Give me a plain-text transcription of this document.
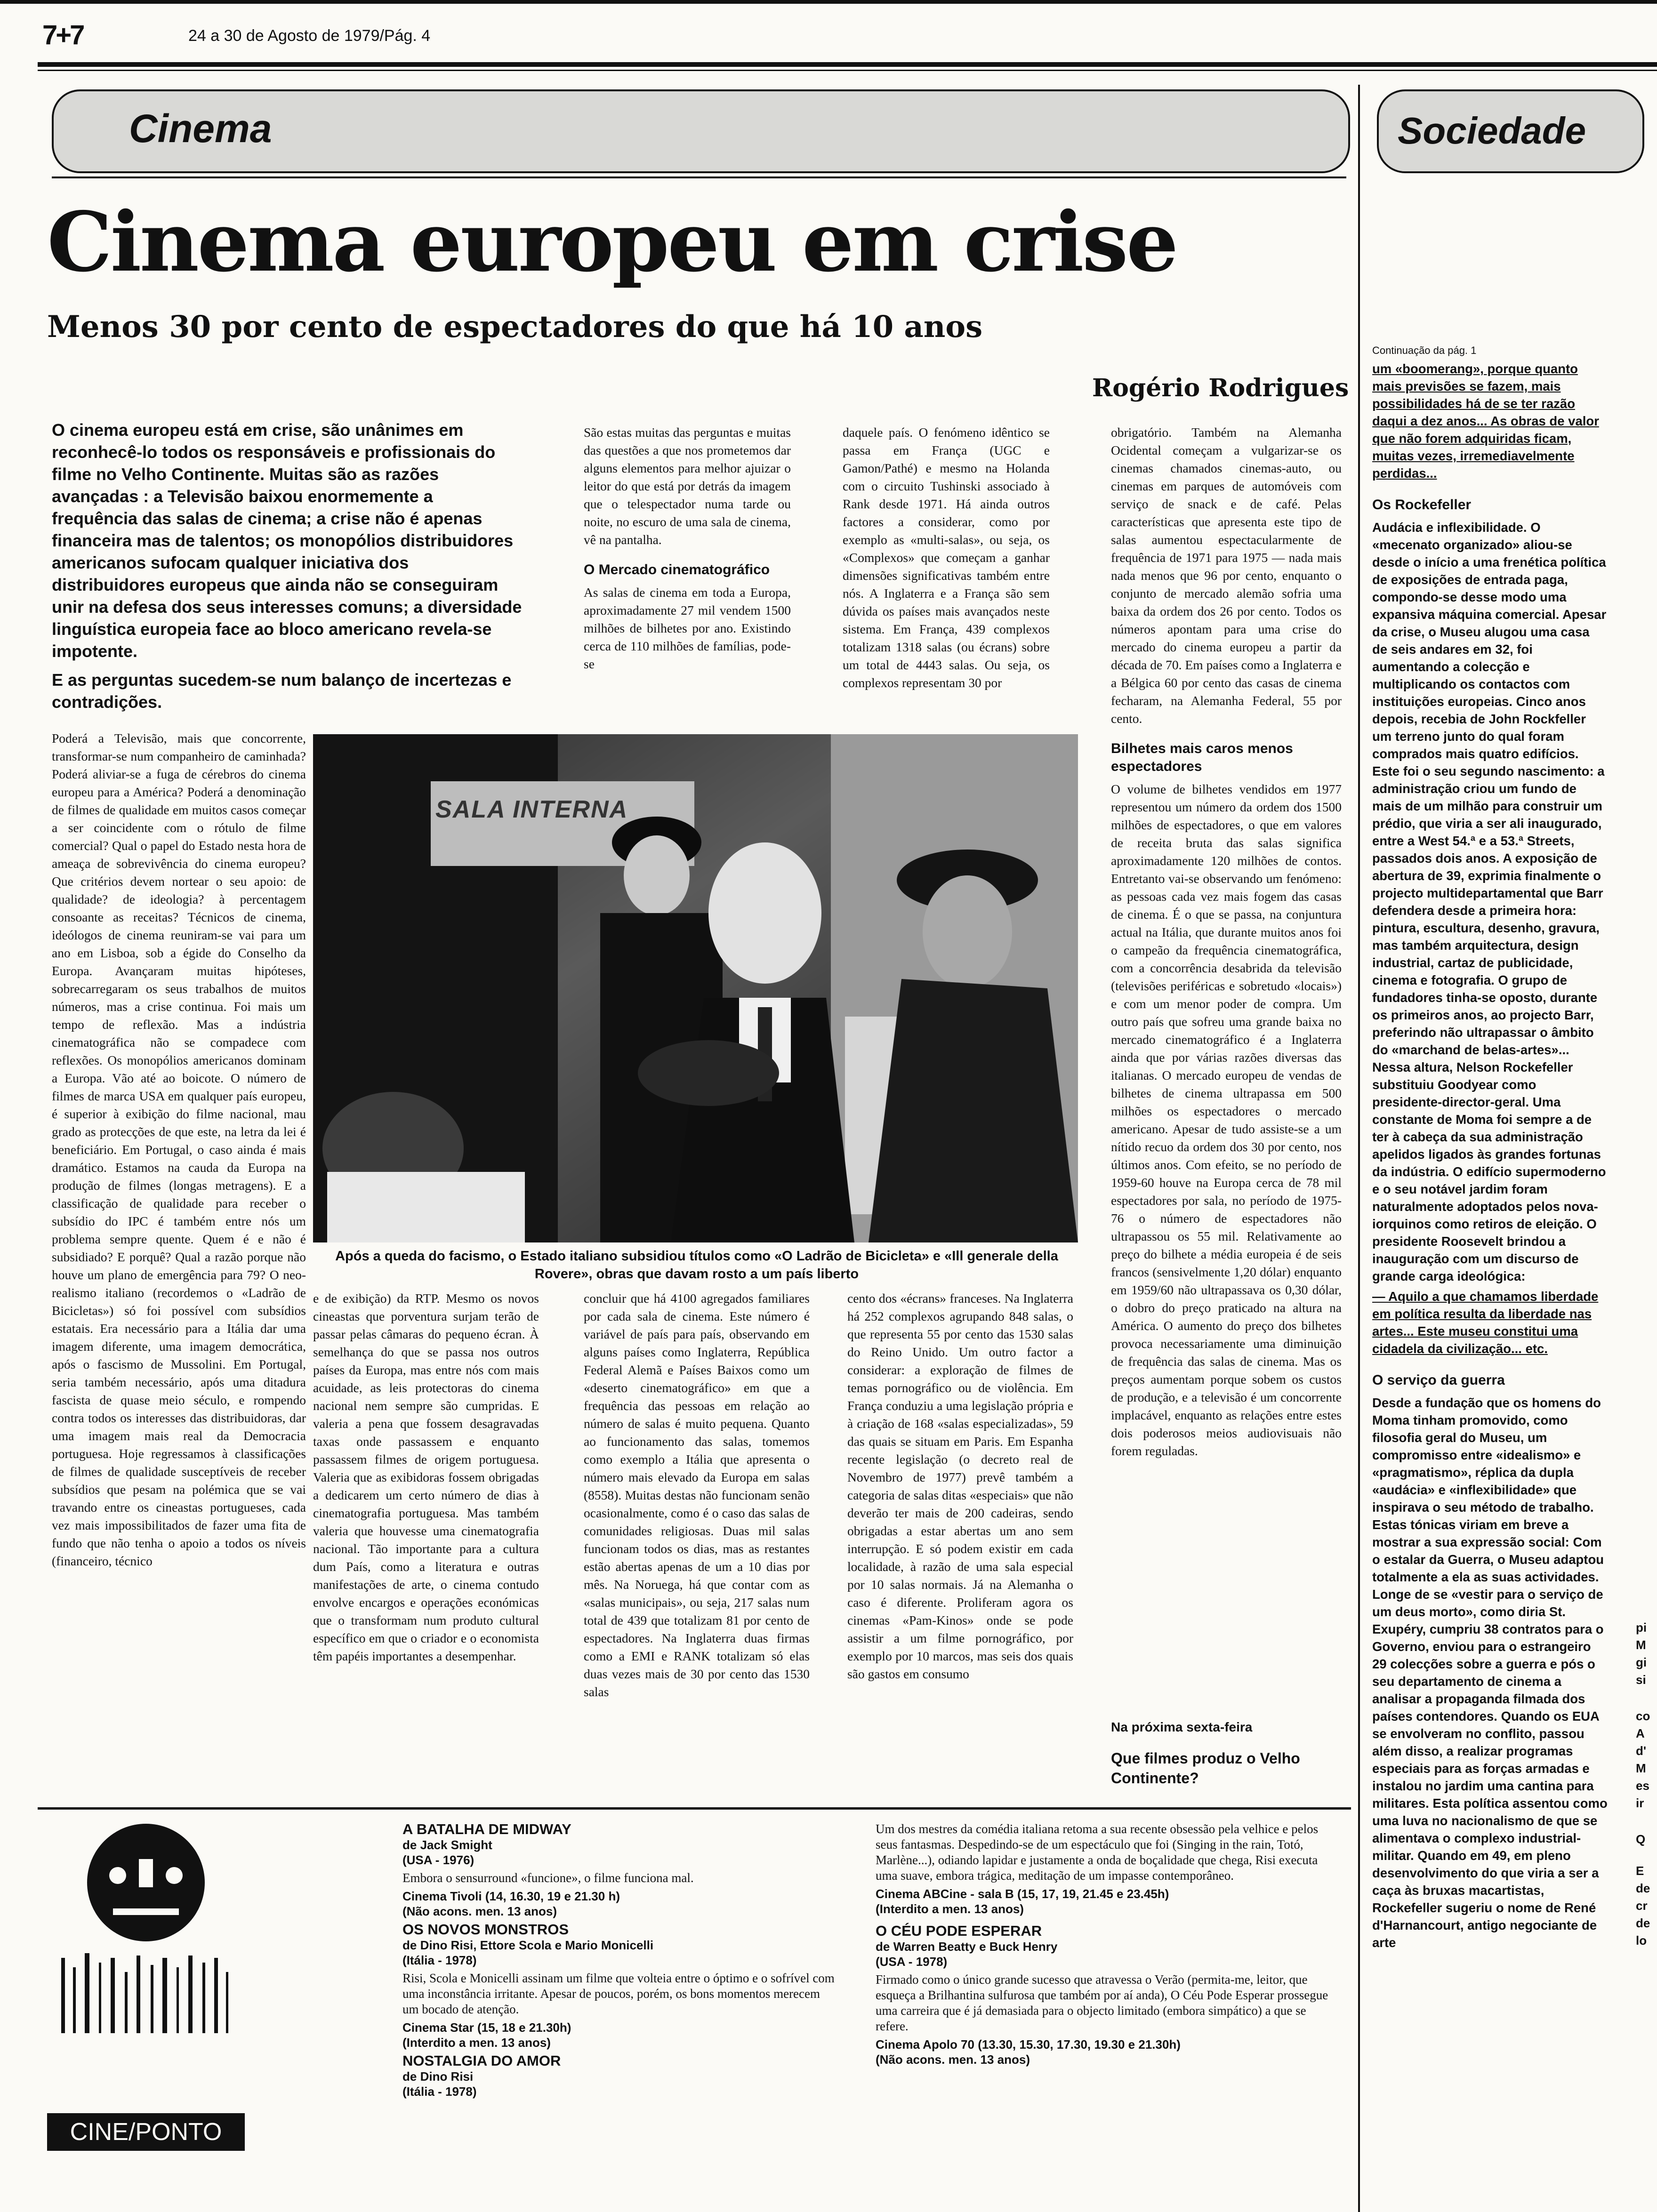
7+7	24 a 30 de Agosto de 1979/Pág. 4
Cinema	Sociedade
Cinema europeu em crise
Menos 30 por cento de espectadores do que há 10 anos
Rogério Rodrigues

O cinema europeu está em crise, são unânimes em reconhecê-lo todos os responsáveis e profissionais do filme no Velho Continente. Muitas são as razões avançadas : a Televisão baixou enormemente a frequência das salas de cinema; a crise não é apenas financeira mas de talentos; os monopólios distribuidores americanos sufocam qualquer iniciativa dos distribuidores europeus que ainda não se conseguiram unir na defesa dos seus interesses comuns; a diversidade linguística europeia face ao bloco americano revela-se impotente.

E as perguntas sucedem-se num balanço de incertezas e contradições.

Poderá a Televisão, mais que concorrente, transformar-se num companheiro de caminhada? Poderá aliviar-se a fuga de cérebros do cinema europeu para a América? Poderá a denominação de filmes de qualidade em muitos casos começar a ser coincidente com o rótulo de filme comercial? Qual o papel do Estado nesta hora de ameaça de sobrevivência do cinema europeu? Que critérios devem nortear o seu apoio: de qualidade? de ideologia? à percentagem consoante as receitas? Técnicos de cinema, ideólogos de cinema reuniram-se vai para um ano em Lisboa, sob a égide do Conselho da Europa. Avançaram muitas hipóteses, sobrecarregaram os seus trabalhos de muitos números, mas a crise continua. Foi mais um tempo de reflexão. Mas a indústria cinematográfica não se compadece com reflexões. Os monopólios americanos dominam a Europa. Vão até ao boicote. O número de filmes de marca USA em qualquer país europeu, é superior à exibição do filme nacional, mau grado as protecções de que este, na letra da lei é beneficiário. Em Portugal, o caso ainda é mais dramático. Estamos na cauda da Europa na produção de filmes (longas metragens). E a classificação de qualidade para receber o subsídio do IPC é também entre nós um problema sempre quente. Quem é e não é subsidiado? E porquê? Qual a razão porque não houve um plano de emergência para 79? O neo-realismo italiano (recordemos o «Ladrão de Bicicletas») só foi possível com subsídios estatais. Era necessário para a Itália dar uma imagem diferente, uma imagem democrática, após o fascismo de Mussolini. Em Portugal, seria também necessário, após uma ditadura fascista de quase meio século, e rompendo contra todos os interesses das distribuidoras, dar uma imagem mais real da Democracia portuguesa. Hoje regressamos à classificações de filmes de qualidade susceptíveis de receber subsídios que pesam na polémica que se vai travando entre os cineastas portugueses, cada vez mais impossibilitados de fazer uma fita de fundo que não tenha o apoio a todos os níveis (financeiro, técnico

São estas muitas das perguntas e muitas das questões a que nos prometemos dar alguns elementos para melhor ajuizar o leitor do que está por detrás da imagem que o telespectador numa tarde ou noite, no escuro de uma sala de cinema, vê na pantalha.

O Mercado cinematográfico

As salas de cinema em toda a Europa, aproximadamente 27 mil vendem 1500 milhões de bilhetes por ano. Existindo cerca de 110 milhões de famílias, pode-se

daquele país. O fenómeno idêntico se passa em França (UGC e Gamon/Pathé) e mesmo na Holanda com o circuito Tushinski associado à Rank desde 1971. Há ainda outros factores a considerar, como por exemplo as «multi-salas», ou seja, os «Complexos» que começam a ganhar dimensões significativas também entre nós. A Inglaterra e a França são sem dúvida os países mais avançados neste sistema. Em França, 439 complexos totalizam 1318 salas (ou écrans) sobre um total de 4443 salas. Ou seja, os complexos representam 30 por

obrigatório. Também na Alemanha Ocidental começam a vulgarizar-se os cinemas chamados cinemas-auto, ou cinemas em parques de automóveis com serviço de snack e de café. Pelas características que apresenta este tipo de salas aumentou espectacularmente de frequência de 1971 para 1975 — nada mais nada menos que 96 por cento, enquanto o conjunto de mercado alemão sofria uma baixa da ordem dos 26 por cento. Todos os números apontam para uma crise do mercado do cinema europeu a partir da década de 70. Em países como a Inglaterra e a Bélgica 60 por cento das casas de cinema fecharam, na Alemanha Federal, 55 por cento.

Bilhetes mais caros menos espectadores

O volume de bilhetes vendidos em 1977 representou um número da ordem dos 1500 milhões de espectadores, o que em valores de receita bruta das salas significa aproximadamente 120 milhões de contos. Entretanto vai-se observando um fenómeno: as pessoas cada vez mais fogem das casas de cinema. É o que se passa, na conjuntura actual na Itália, que durante muitos anos foi o campeão da frequência cinematográfica, com a concorrência desabrida da televisão (televisões periféricas e sobretudo «locais») e com um menor poder de compra. Um outro país que sofreu uma grande baixa no mercado cinematográfico é a Inglaterra ainda que por várias razões diversas das italianas. O mercado europeu de vendas de bilhetes de cinema ultrapassa em 500 milhões os espectadores o mercado americano. Apesar de tudo assiste-se a um nítido recuo da ordem dos 30 por cento, nos últimos anos. Com efeito, se no período de 1959-60 houve na Europa cerca de 78 mil espectadores por sala, no período de 1975-76 o número de espectadores não ultrapassou os 55 mil. Relativamente ao preço do bilhete a média europeia é de seis francos (sensivelmente 1,20 dólar) enquanto em 1959/60 não ultrapassava os 0,30 dólar, o dobro do preço praticado na altura na América. O aumento do preço dos bilhetes provoca necessariamente uma diminuição de frequência das salas de cinema. Mas os preços aumentam porque sobem os custos de produção, e a televisão é um concorrente implacável, enquanto as relações entre estes dois poderosos meios audiovisuais não forem reguladas.

Na próxima sexta-feira
Que filmes produz o Velho Continente?
SALA INTERNA
Após a queda do facismo, o Estado italiano subsidiou títulos como «O Ladrão de Bicicleta» e «Ill generale della Rovere», obras que davam rosto a um país liberto

e de exibição) da RTP. Mesmo os novos cineastas que porventura surjam terão de passar pelas câmaras do pequeno écran. À semelhança do que se passa nos outros países da Europa, mas entre nós com mais acuidade, as leis protectoras do cinema nacional nem sempre são cumpridas. E valeria a pena que fossem desagravadas taxas onde passassem e enquanto passassem filmes de origem portuguesa. Valeria que as exibidoras fossem obrigadas a dedicarem um certo número de dias à cinematografia portuguesa. Mas também valeria que houvesse uma cinematografia nacional. Tão importante para a cultura dum País, como a literatura e outras manifestações de arte, o cinema contudo envolve encargos e operações económicas que o transformam num produto cultural específico em que o criador e o economista têm papéis importantes a desempenhar.

concluir que há 4100 agregados familiares por cada sala de cinema. Este número é variável de país para país, observando em alguns países como Inglaterra, República Federal Alemã e Países Baixos como um «deserto cinematográfico» em que a frequência das pessoas em relação ao número de salas é muito pequena. Quanto ao funcionamento das salas, tomemos como exemplo a Itália que apresenta o número mais elevado da Europa em salas (8558). Muitas destas não funcionam senão ocasionalmente, como é o caso das salas de comunidades religiosas. Duas mil salas funcionam todos os dias, mas as restantes estão abertas apenas de um a 10 dias por mês. Na Noruega, há que contar com as «salas municipais», ou seja, 217 salas num total de 439 que totalizam 81 por cento de espectadores. Na Inglaterra duas firmas como a EMI e RANK totalizam só elas duas vezes mais de 30 por cento das 1530 salas

cento dos «écrans» franceses. Na Inglaterra há 252 complexos agrupando 848 salas, o que representa 55 por cento das 1530 salas do Reino Unido. Um outro factor a considerar: a exploração de filmes de temas pornográfico ou de violência. Em França conduziu a uma legislação própria e à criação de 168 «salas especializadas», 59 das quais se situam em Paris. Em Espanha recente legislação (o decreto real de Novembro de 1977) prevê também a categoria de salas ditas «especiais» que não deverão ter mais de 200 cadeiras, sendo obrigadas a estar abertas um ano sem interrupção. E só podem existir em cada localidade, à razão de uma sala especial por 10 salas normais. Já na Alemanha o caso é diferente. Proliferam agora os cinemas «Pam-Kinos» onde se pode assistir a um filme pornográfico, por exemplo por 10 marcos, mas seis dos quais são gastos em consumo

CINE/PONTO
A BATALHA DE MIDWAY
de Jack Smight
(USA - 1976)
Embora o sensurround «funcione», o filme funciona mal.
Cinema Tivoli (14, 16.30, 19 e 21.30 h)
(Não acons. men. 13 anos)
OS NOVOS MONSTROS
de Dino Risi, Ettore Scola e Mario Monicelli
(Itália - 1978)
Risi, Scola e Monicelli assinam um filme que volteia entre o óptimo e o sofrível com uma inconstância irritante. Apesar de poucos, porém, os bons momentos merecem um bocado de atenção.
Cinema Star (15, 18 e 21.30h)
(Interdito a men. 13 anos)
NOSTALGIA DO AMOR
de Dino Risi
(Itália - 1978)
Um dos mestres da comédia italiana retoma a sua recente obsessão pela velhice e pelos seus fantasmas. Despedindo-se de um espectáculo que foi (Singing in the rain, Totó, Marlène...), odiando lapidar e justamente a onda de boçalidade que chega, Risi executa uma suave, embora trágica, meditação de um impasse contemporâneo.
Cinema ABCine - sala B (15, 17, 19, 21.45 e 23.45h)
(Interdito a men. 13 anos)
O CÉU PODE ESPERAR
de Warren Beatty e Buck Henry
(USA - 1978)
Firmado como o único grande sucesso que atravessa o Verão (permita-me, leitor, que esqueça a Brilhantina sulfurosa que também por aí anda), O Céu Pode Esperar prossegue uma carreira que é já demasiada para o objecto limitado (embora simpático) a que se refere.
Cinema Apolo 70 (13.30, 15.30, 17.30, 19.30 e 21.30h)
(Não acons. men. 13 anos)
Continuação da pág. 1

um «boomerang», porque quanto mais previsões se fazem, mais possibilidades há de se ter razão daqui a dez anos... As obras de valor que não forem adquiridas ficam, muitas vezes, irremediavelmente perdidas...

Os Rockefeller

Audácia e inflexibilidade. O «mecenato organizado» aliou-se desde o início a uma frenética política de exposições de entrada paga, compondo-se desse modo uma expansiva máquina comercial. Apesar da crise, o Museu alugou uma casa de seis andares em 32, foi aumentando a colecção e multiplicando os contactos com instituições europeias. Cinco anos depois, recebia de John Rockfeller um terreno junto do qual foram comprados mais quatro edifícios. Este foi o seu segundo nascimento: a administração criou um fundo de mais de um milhão para construir um prédio, que viria a ser ali inaugurado, entre a West 54.ª e a 53.ª Streets, passados dois anos. A exposição de abertura de 39, exprimia finalmente o projecto multidepartamental que Barr defendera desde a primeira hora: pintura, escultura, desenho, gravura, mas também arquitectura, design industrial, cartaz de publicidade, cinema e fotografia. O grupo de fundadores tinha-se oposto, durante os primeiros anos, ao projecto Barr, preferindo não ultrapassar o âmbito do «marchand de belas-artes»... Nessa altura, Nelson Rockefeller substituiu Goodyear como presidente-director-geral. Uma constante de Moma foi sempre a de ter à cabeça da sua administração apelidos ligados às grandes fortunas da indústria. O edifício supermoderno e o seu notável jardim foram naturalmente adoptados pelos nova-iorquinos como retiros de eleição. O presidente Roosevelt brindou a inauguração com um discurso de grande carga ideológica:

— Aquilo a que chamamos liberdade em política resulta da liberdade nas artes... Este museu constitui uma cidadela da civilização... etc.

O serviço da guerra

Desde a fundação que os homens do Moma tinham promovido, como filosofia geral do Museu, um compromisso entre «idealismo» e «pragmatismo», réplica da dupla «audácia» e «inflexibilidade» que inspirava o seu método de trabalho. Estas tónicas viriam em breve a mostrar a sua expressão social: Com o estalar da Guerra, o Museu adaptou totalmente a ela as suas actividades. Longe de se «vestir para o serviço de um deus morto», como diria St. Exupéry, cumpriu 38 contratos para o Governo, enviou para o estrangeiro 29 colecções sobre a guerra e pós o seu departamento de cinema a analisar a propaganda filmada dos países contendores. Quando os EUA se envolveram no conflito, passou além disso, a realizar programas especiais para as forças armadas e instalou no jardim uma cantina para militares. Esta política assentou como uma luva no nacionalismo de que se alimentava o complexo industrial-militar. Quando em 49, em pleno desenvolvimento do que viria a ser a caça às bruxas macartistas, Rockefeller sugeriu o nome de René d'Harnancourt, antigo negociante de arte

pi
M
gi
si
co
A
d'
M
es
ir
Q
E
de
cr
de
lo
